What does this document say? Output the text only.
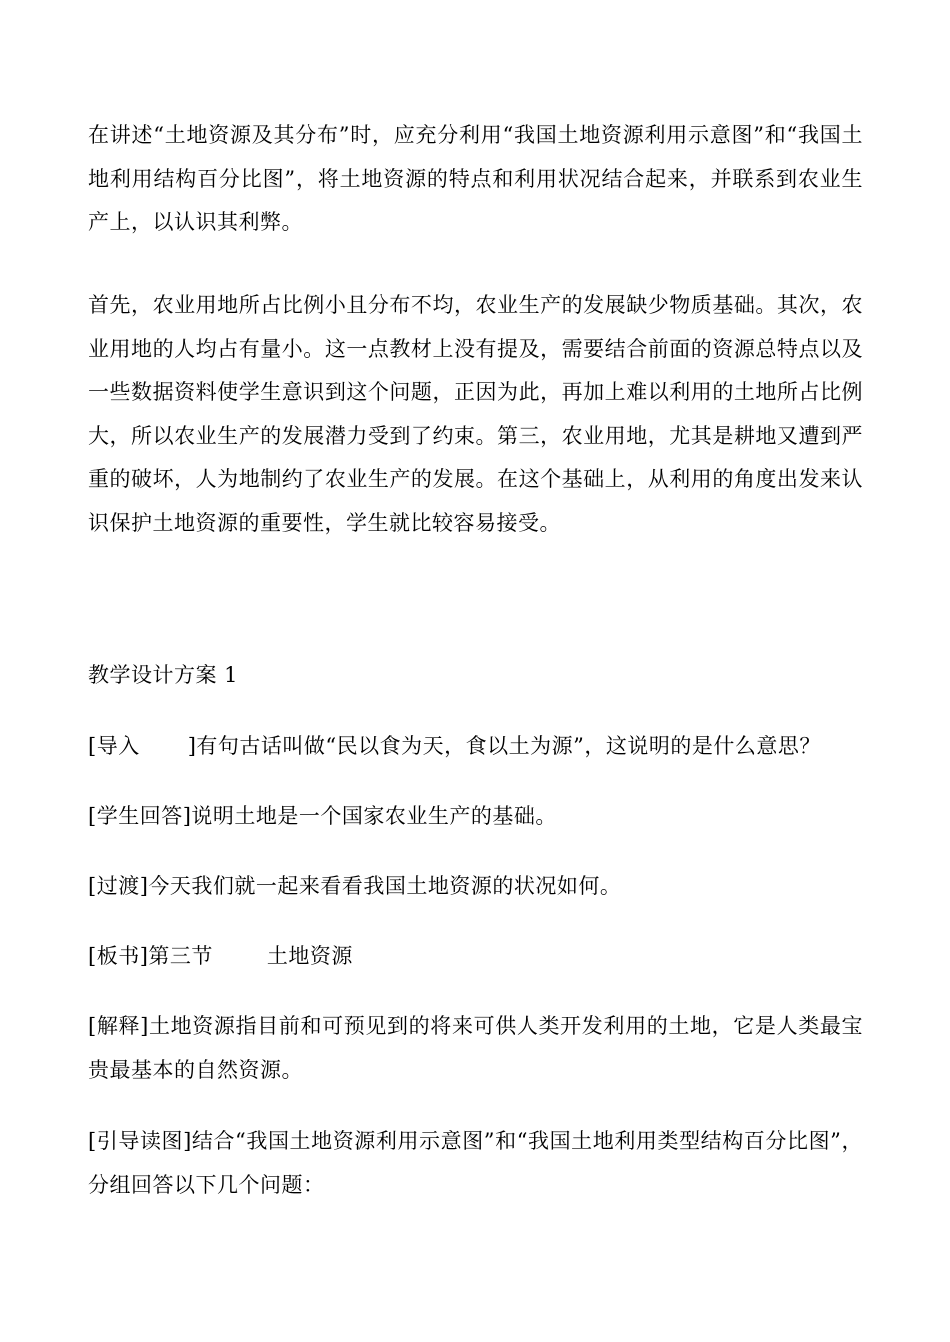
在讲述“土地资源及其分布”时，应充分利用“我国土地资源利用示意图”和“我国土地利用结构百分比图”，将土地资源的特点和利用状况结合起来，并联系到农业生产上，以认识其利弊。

首先，农业用地所占比例小且分布不均，农业生产的发展缺少物质基础。其次，农业用地的人均占有量小。这一点教材上没有提及，需要结合前面的资源总特点以及一些数据资料使学生意识到这个问题，正因为此，再加上难以利用的土地所占比例大，所以农业生产的发展潜力受到了约束。第三，农业用地，尤其是耕地又遭到严重的破坏，人为地制约了农业生产的发展。在这个基础上，从利用的角度出发来认识保护土地资源的重要性，学生就比较容易接受。

教学设计方案 1

[导入 ]有句古话叫做“民以食为天，食以土为源”，这说明的是什么意思？

[学生回答]说明土地是一个国家农业生产的基础。

[过渡]今天我们就一起来看看我国土地资源的状况如何。

[板书]第三节	土地资源

[解释]土地资源指目前和可预见到的将来可供人类开发利用的土地，它是人类最宝贵最基本的自然资源。

[引导读图]结合“我国土地资源利用示意图”和“我国土地利用类型结构百分比图”，分组回答以下几个问题：
